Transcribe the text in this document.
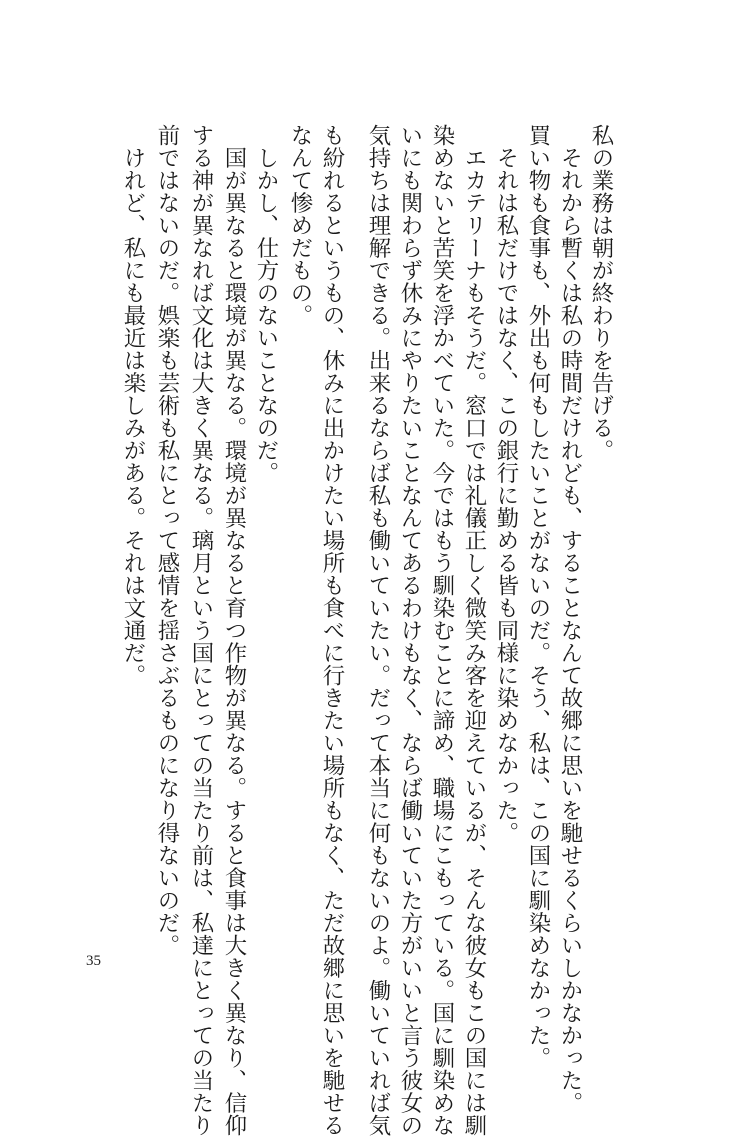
私の業務は朝が終わりを告げる。
　それから暫くは私の時間だけれども、することなんて故郷に思いを馳せるくらいしかなかった。
買い物も食事も、外出も何もしたいことがないのだ。そう、私は、この国に馴染めなかった。
　それは私だけではなく、この銀行に勤める皆も同様に染めなかった。
　エカテリーナもそうだ。窓口では礼儀正しく微笑み客を迎えているが、そんな彼女もこの国には馴
染めないと苦笑を浮かべていた。今ではもう馴染むことに諦め、職場にこもっている。国に馴染めな
いにも関わらず休みにやりたいことなんてあるわけもなく、ならば働いていた方がいいと言う彼女の
気持ちは理解できる。出来るならば私も働いていたい。だって本当に何もないのよ。働いていれば気
も紛れるというもの、休みに出かけたい場所も食べに行きたい場所もなく、ただ故郷に思いを馳せる
なんて惨めだもの。
　しかし、仕方のないことなのだ。
　国が異なると環境が異なる。環境が異なると育つ作物が異なる。すると食事は大きく異なり、信仰
する神が異なれば文化は大きく異なる。璃月という国にとっての当たり前は、私達にとっての当たり
前ではないのだ。娯楽も芸術も私にとって感情を揺さぶるものになり得ないのだ。
　けれど、私にも最近は楽しみがある。それは文通だ。
35
